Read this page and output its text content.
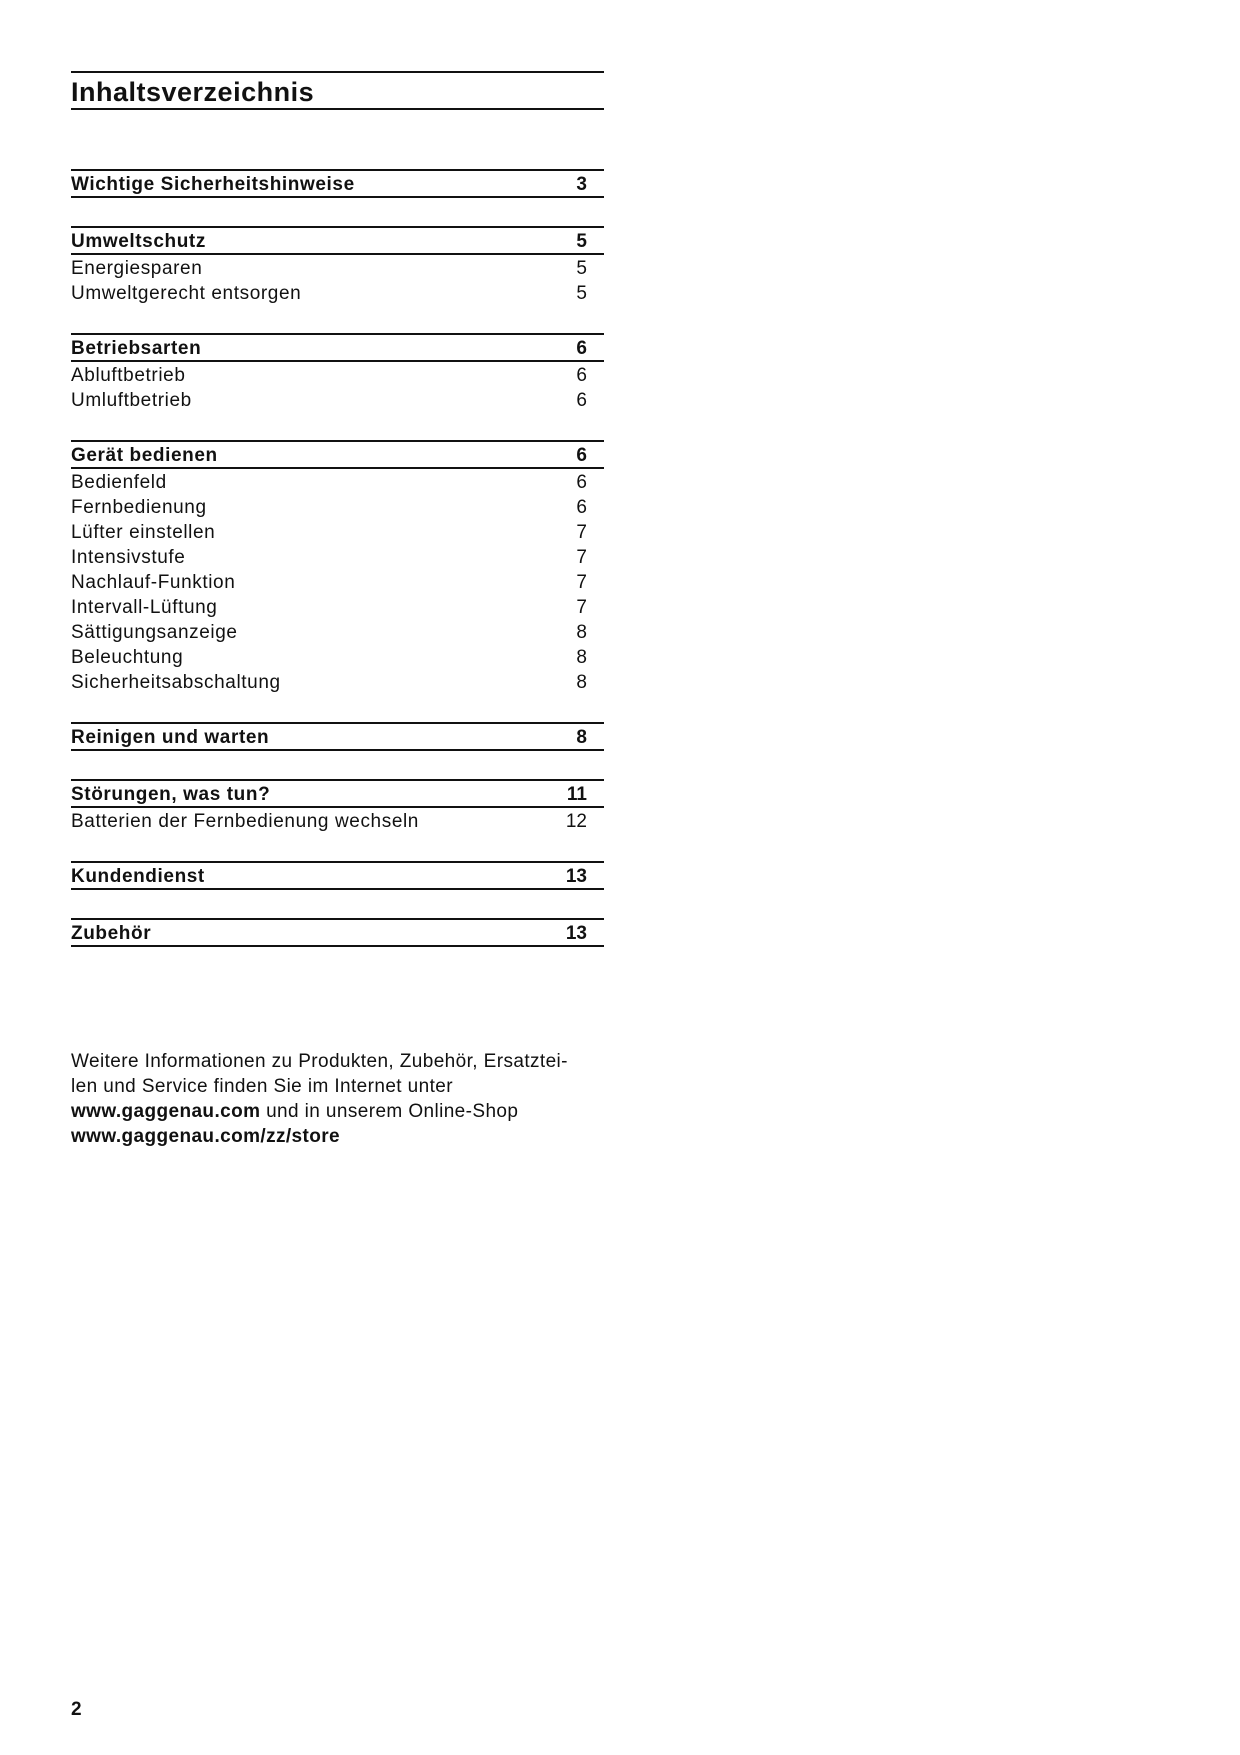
Inhaltsverzeichnis
Wichtige Sicherheitshinweise	3
Umweltschutz	5
Energiesparen	5
Umweltgerecht entsorgen	5
Betriebsarten	6
Abluftbetrieb	6
Umluftbetrieb	6
Gerät bedienen	6
Bedienfeld	6
Fernbedienung	6
Lüfter einstellen	7
Intensivstufe	7
Nachlauf-Funktion	7
Intervall-Lüftung	7
Sättigungsanzeige	8
Beleuchtung	8
Sicherheitsabschaltung	8
Reinigen und warten	8
Störungen, was tun?	11
Batterien der Fernbedienung wechseln	12
Kundendienst	13
Zubehör	13
Weitere Informationen zu Produkten, Zubehör, Ersatztei-
len und Service finden Sie im Internet unter
www.gaggenau.com und in unserem Online-Shop
www.gaggenau.com/zz/store
2
